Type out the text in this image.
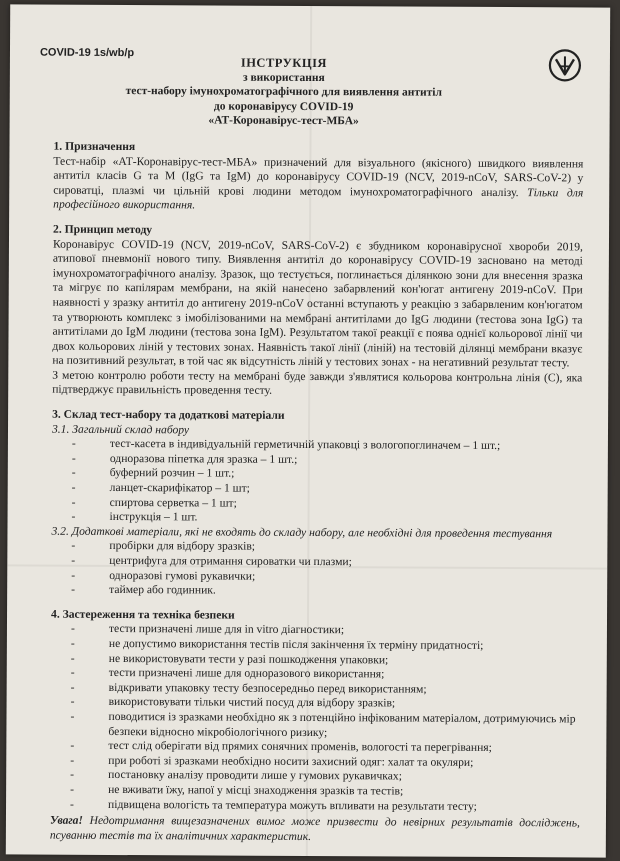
COVID-19 1s/wb/p
ІНСТРУКЦІЯ
з використання
тест-набору імунохроматографічного для виявлення антитіл
до коронавірусу COVID-19
«АТ-Коронавірус-тест-МБА»
1. Призначення

Тест-набір «АТ-Коронавірус-тест-МБА» призначений для візуального (якісного) швидкого виявлення антитіл класів G та M (IgG та IgM) до коронавірусу COVID-19 (NCV, 2019-nCoV, SARS-CoV-2) у сироватці, плазмі чи цільній крові людини методом імунохроматографічного аналізу. Тільки для професійного використання.

2. Принцип методу

Коронавірус COVID-19 (NCV, 2019-nCoV, SARS-CoV-2) є збудником коронавірусної хвороби 2019, атипової пневмонії нового типу. Виявлення антитіл до коронавірусу COVID-19 засновано на методі імунохроматографічного аналізу. Зразок, що тестується, поглинається ділянкою зони для внесення зразка та мігрує по капілярам мембрани, на якій нанесено забарвлений кон'югат антигену 2019-nCoV. При наявності у зразку антитіл до антигену 2019-nCoV останні вступають у реакцію з забарвленим кон'югатом та утворюють комплекс з імобілізованими на мембрані антитілами до IgG людини (тестова зона IgG) та антитілами до IgM людини (тестова зона IgM). Результатом такої реакції є поява однієї кольорової лінії чи двох кольорових ліній у тестових зонах. Наявність такої лінії (ліній) на тестовій ділянці мембрани вказує на позитивний результат, в той час як відсутність ліній у тестових зонах - на негативний результат тесту.

З метою контролю роботи тесту на мембрані буде завжди з'являтися кольорова контрольна лінія (С), яка підтверджує правильність проведення тесту.

3. Склад тест-набору та додаткові матеріали
3.1. Загальний склад набору
- тест-касета в індивідуальній герметичній упаковці з вологопоглиначем – 1 шт.;
- одноразова піпетка для зразка – 1 шт.;
- буферний розчин – 1 шт.;
- ланцет-скарифікатор – 1 шт;
- спиртова серветка – 1 шт;
- інструкція – 1 шт.
3.2. Додаткові матеріали, які не входять до складу набору, але необхідні для проведення тестування
- пробірки для відбору зразків;
- центрифуга для отримання сироватки чи плазми;
- одноразові гумові рукавички;
- таймер або годинник.
4. Застереження та техніка безпеки
- тести призначені лише для in vitro діагностики;
- не допустимо використання тестів після закінчення їх терміну придатності;
- не використовувати тести у разі пошкодження упаковки;
- тести призначені лише для одноразового використання;
- відкривати упаковку тесту безпосередньо перед використанням;
- використовувати тільки чистий посуд для відбору зразків;
- поводитися із зразками необхідно як з потенційно інфікованим матеріалом, дотримуючись мір безпеки відносно мікробіологічного ризику;
- тест слід оберігати від прямих сонячних променів, вологості та перегрівання;
- при роботі зі зразками необхідно носити захисний одяг: халат та окуляри;
- постановку аналізу проводити лише у гумових рукавичках;
- не вживати їжу, напої у місці знаходження зразків та тестів;
- підвищена вологість та температура можуть впливати на результати тесту;

Увага! Недотримання вищезазначених вимог може призвести до невірних результатів досліджень, псуванню тестів та їх аналітичних характеристик.
